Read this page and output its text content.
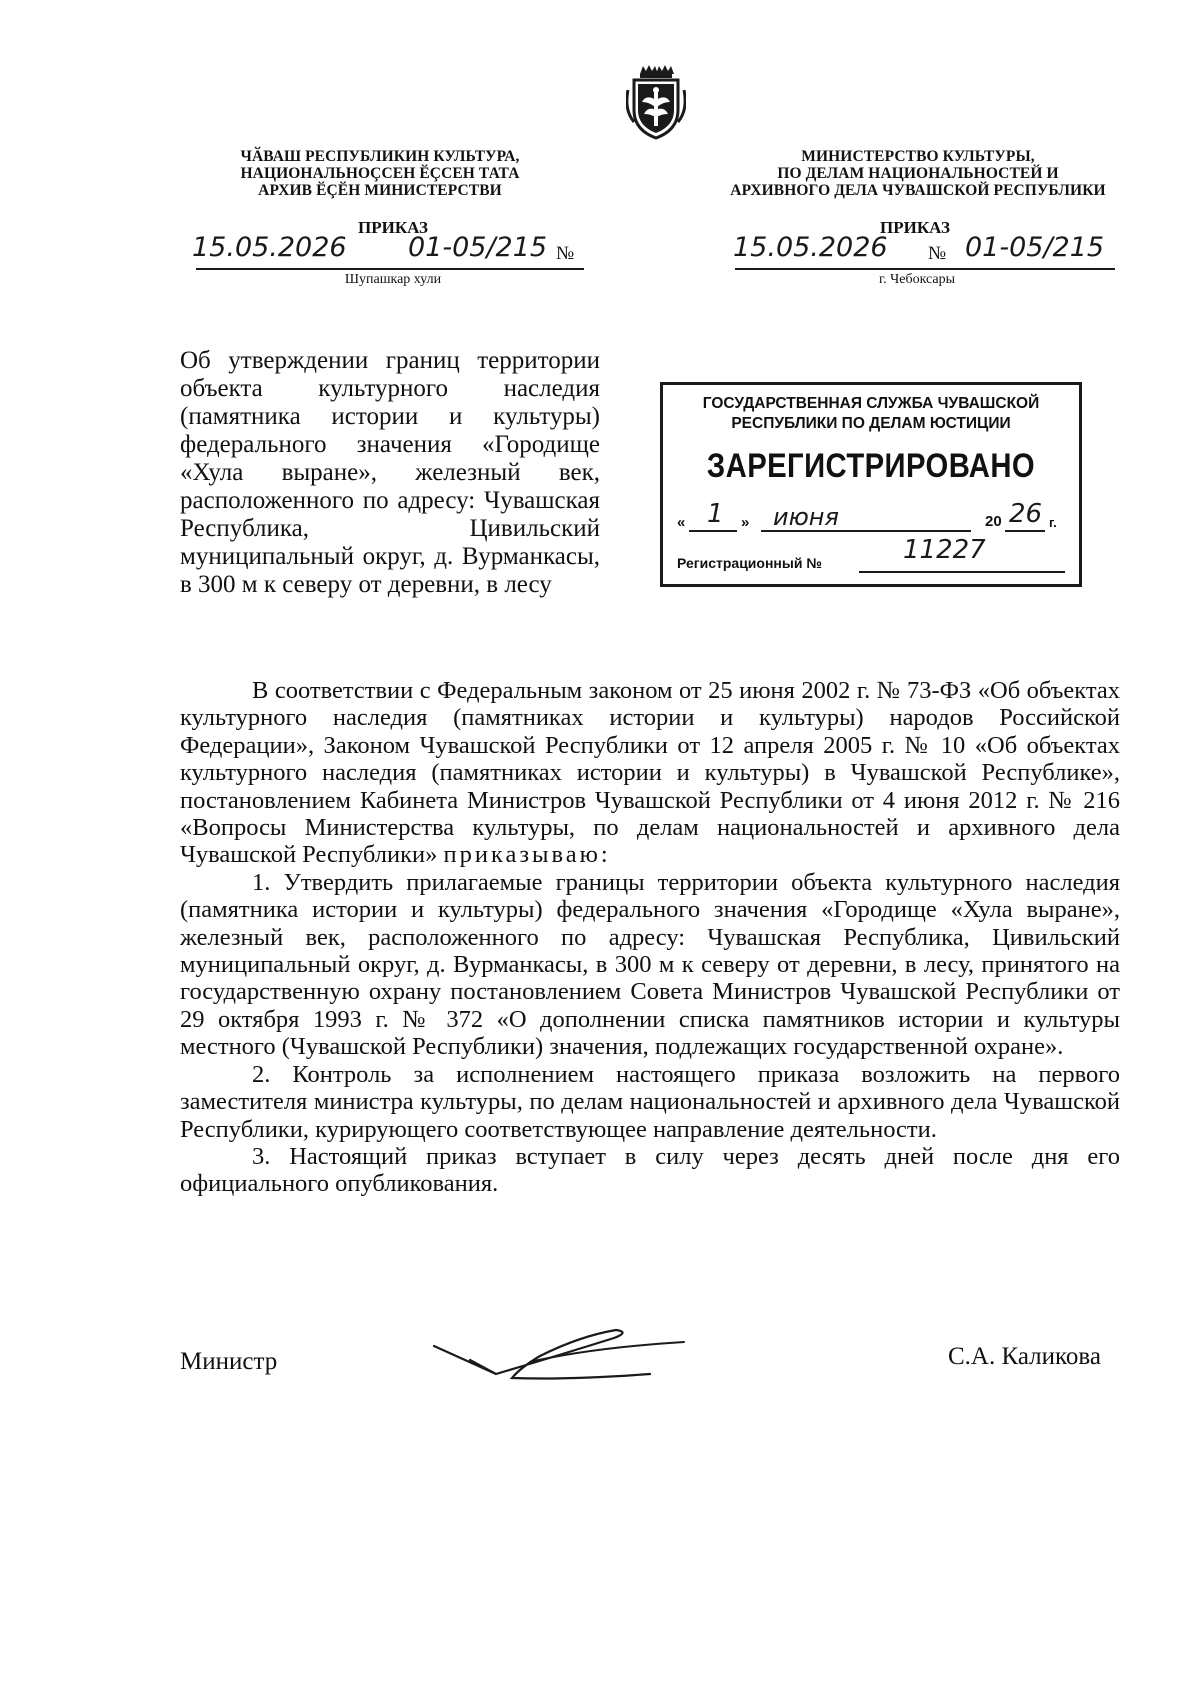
ЧӐВАШ РЕСПУБЛИКИН КУЛЬТУРА,
НАЦИОНАЛЬНОÇСЕН ӖÇСЕН ТАТА
АРХИВ ӖÇӖН МИНИСТЕРСТВИ
ПРИКАЗ
15.05.2026 01-05/215 №
Шупашкар хули
МИНИСТЕРСТВО КУЛЬТУРЫ,
ПО ДЕЛАМ НАЦИОНАЛЬНОСТЕЙ И
АРХИВНОГО ДЕЛА ЧУВАШСКОЙ РЕСПУБЛИКИ
ПРИКАЗ
15.05.2026 № 01-05/215
г. Чебоксары
Об утверждении границ территории объекта культурного наследия (памятника истории и культуры) федерального значения «Городище «Хула выране», железный век, расположенного по адресу: Чувашская Республика, Цивильский муниципальный округ, д. Вурманкасы, в 300 м к северу от деревни, в лесу
ГОСУДАРСТВЕННАЯ СЛУЖБА ЧУВАШСКОЙ
РЕСПУБЛИКИ ПО ДЕЛАМ ЮСТИЦИИ
ЗАРЕГИСТРИРОВАНО
« 1 » июня	20 26 г.
Регистрационный №	11227

В соответствии с Федеральным законом от 25 июня 2002 г. № 73-ФЗ «Об объектах культурного наследия (памятниках истории и культуры) народов Российской Федерации», Законом Чувашской Республики от 12 апреля 2005 г. № 10 «Об объектах культурного наследия (памятниках истории и культуры) в Чувашской Республике», постановлением Кабинета Министров Чувашской Республики от 4 июня 2012 г. № 216 «Вопросы Министерства культуры, по делам национальностей и архивного дела Чувашской Республики» приказываю:

1. Утвердить прилагаемые границы территории объекта культурного наследия (памятника истории и культуры) федерального значения «Городище «Хула выране», железный век, расположенного по адресу: Чувашская Республика, Цивильский муниципальный округ, д. Вурманкасы, в 300 м к северу от деревни, в лесу, принятого на государственную охрану постановлением Совета Министров Чувашской Республики от 29 октября 1993 г. № 372 «О дополнении списка памятников истории и культуры местного (Чувашской Республики) значения, подлежащих государственной охране».

2. Контроль за исполнением настоящего приказа возложить на первого заместителя министра культуры, по делам национальностей и архивного дела Чувашской Республики, курирующего соответствующее направление деятельности.

3. Настоящий приказ вступает в силу через десять дней после дня его официального опубликования.

Министр	С.А. Каликова
